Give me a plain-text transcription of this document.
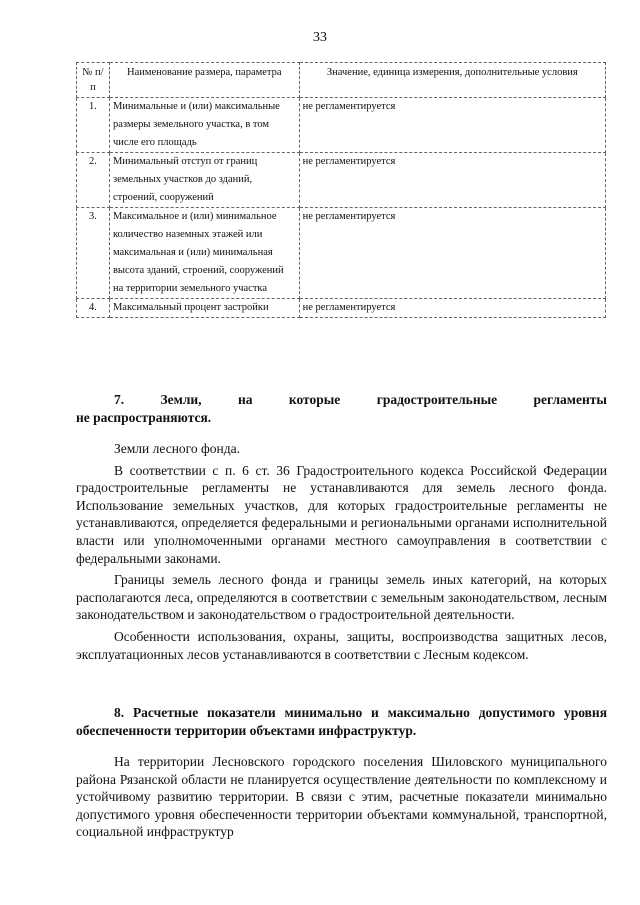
33
№ п/п	Наименование размера, параметра	Значение, единица измерения, дополнительные условия
1.	Минимальные и (или) максимальные размеры земельного участка, в том числе его площадь	не регламентируется
2.	Минимальный отступ от границ земельных участков до зданий, строений, сооружений	не регламентируется
3.	Максимальное и (или) минимальное количество наземных этажей или максимальная и (или) минимальная высота зданий, строений, сооружений на территории земельного участка	не регламентируется
4.	Максимальный процент застройки	не регламентируется
7.	Земли,	на	которые	градостроительные	регламенты
не распространяются.

Земли лесного фонда.

В соответствии с п. 6 ст. 36 Градостроительного кодекса Российской Федерации градостроительные регламенты не устанавливаются для земель лесного фонда. Использование земельных участков, для которых градостроительные регламенты не устанавливаются, определяется федеральными и региональными органами исполнительной власти или уполномоченными органами местного самоуправления в соответствии с федеральными законами.

Границы земель лесного фонда и границы земель иных категорий, на которых располагаются леса, определяются в соответствии с земельным законодательством, лесным законодательством и законодательством о градостроительной деятельности.

Особенности использования, охраны, защиты, воспроизводства защитных лесов, эксплуатационных лесов устанавливаются в соответствии с Лесным кодексом.

8. Расчетные показатели минимально и максимально допустимого уровня обеспеченности территории объектами инфраструктур.

На территории Лесновского городского поселения Шиловского муниципального района Рязанской области не планируется осуществление деятельности по комплексному и устойчивому развитию территории. В связи с этим, расчетные показатели минимально допустимого уровня обеспеченности территории объектами коммунальной, транспортной, социальной инфраструктур
